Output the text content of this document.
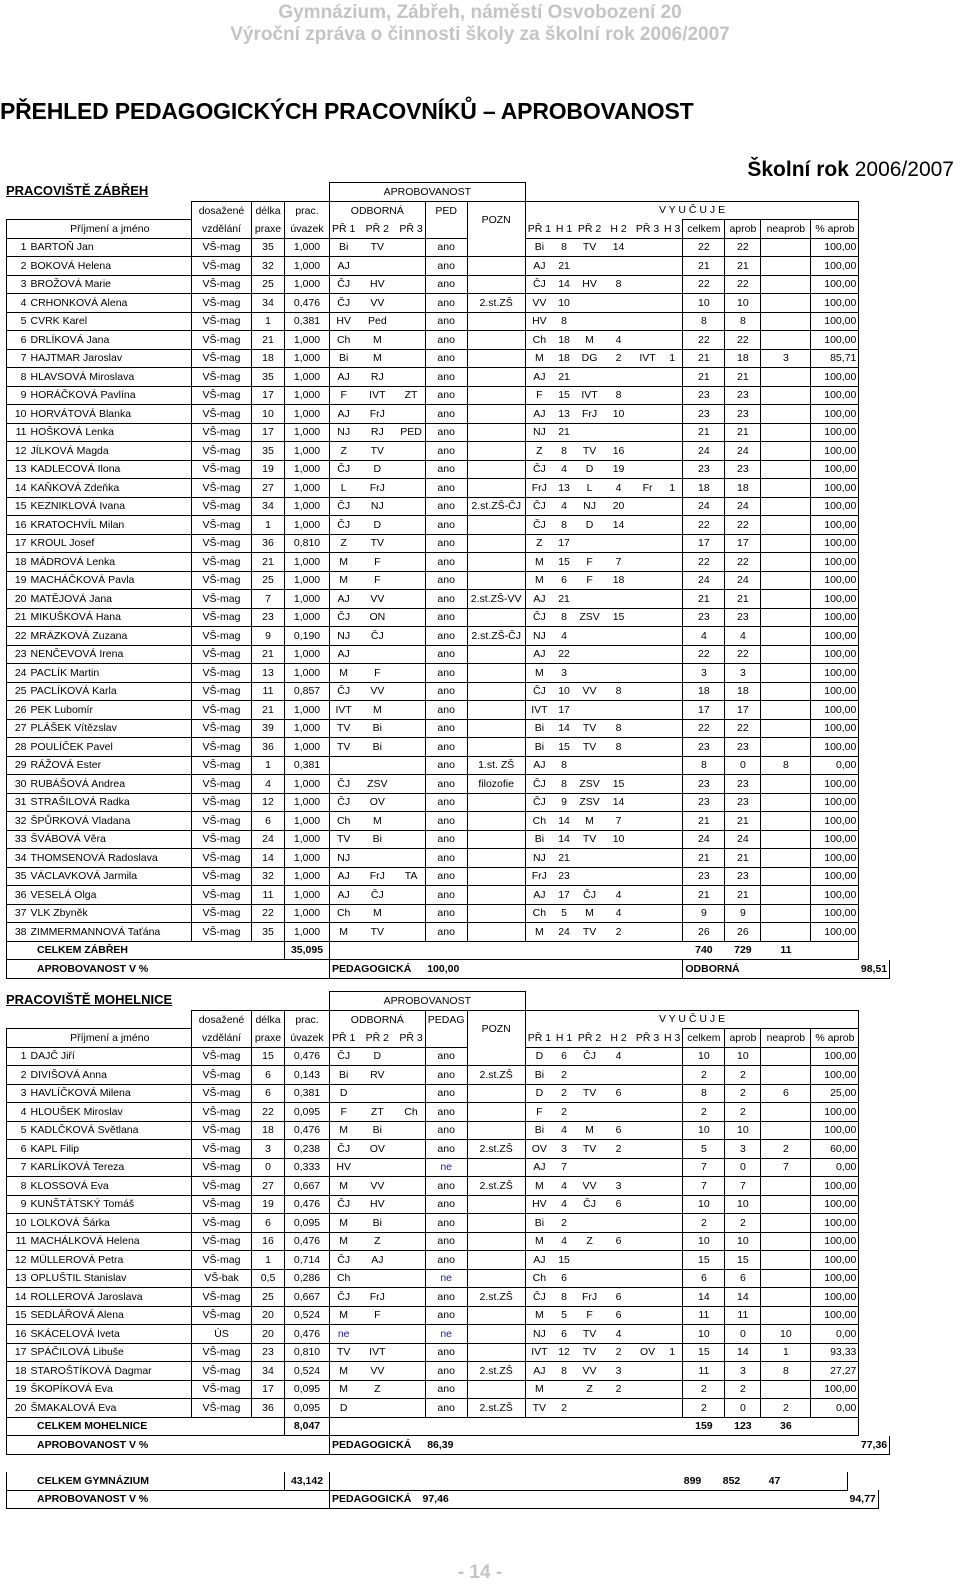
Gymnázium, Zábřeh, náměstí Osvobození 20
Výroční zpráva o činnosti školy za školní rok 2006/2007
PŘEHLED PEDAGOGICKÝCH PRACOVNÍKŮ – APROBOVANOST
Školní rok 2006/2007
PRACOVIŠTĚ ZÁBŘEH
					APROBOVANOST															
		dosažené	délka	prac.	ODBORNÁ			PED	POZN	V Y U Č U J E										
	Příjmení a jméno	vzdělání	praxe	úvazek	PŘ 1	PŘ 2	PŘ 3			PŘ 1	H 1	PŘ 2	H 2	PŘ 3	H 3	celkem	aprob	neaprob	% aprob	
1	BARTOŇ Jan	VŠ-mag	35	1,000	Bi	TV		ano		Bi	8	TV	14			22	22		100,00	
2	BOKOVÁ Helena	VŠ-mag	32	1,000	AJ			ano		AJ	21					21	21		100,00	
3	BROŽOVÁ Marie	VŠ-mag	25	1,000	ČJ	HV		ano		ČJ	14	HV	8			22	22		100,00	
4	CRHONKOVÁ Alena	VŠ-mag	34	0,476	ČJ	VV		ano	2.st.ZŠ	VV	10					10	10		100,00	
5	CVRK Karel	VŠ-mag	1	0,381	HV	Ped		ano		HV	8					8	8		100,00	
6	DRLÍKOVÁ Jana	VŠ-mag	21	1,000	Ch	M		ano		Ch	18	M	4			22	22		100,00	
7	HAJTMAR Jaroslav	VŠ-mag	18	1,000	Bi	M		ano		M	18	DG	2	IVT	1	21	18	3	85,71	
8	HLAVSOVÁ Miroslava	VŠ-mag	35	1,000	AJ	RJ		ano		AJ	21					21	21		100,00	
9	HORÁČKOVÁ Pavlína	VŠ-mag	17	1,000	F	IVT	ZT	ano		F	15	IVT	8			23	23		100,00	
10	HORVÁTOVÁ Blanka	VŠ-mag	10	1,000	AJ	FrJ		ano		AJ	13	FrJ	10			23	23		100,00	
11	HOŠKOVÁ Lenka	VŠ-mag	17	1,000	NJ	RJ	PED	ano		NJ	21					21	21		100,00	
12	JÍLKOVÁ Magda	VŠ-mag	35	1,000	Z	TV		ano		Z	8	TV	16			24	24		100,00	
13	KADLECOVÁ Ilona	VŠ-mag	19	1,000	ČJ	D		ano		ČJ	4	D	19			23	23		100,00	
14	KAŇKOVÁ Zdeňka	VŠ-mag	27	1,000	L	FrJ		ano		FrJ	13	L	4	Fr	1	18	18		100,00	
15	KEZNIKLOVÁ Ivana	VŠ-mag	34	1,000	ČJ	NJ		ano	2.st.ZŠ-ČJ	ČJ	4	NJ	20			24	24		100,00	
16	KRATOCHVÍL Milan	VŠ-mag	1	1,000	ČJ	D		ano		ČJ	8	D	14			22	22		100,00	
17	KROUL Josef	VŠ-mag	36	0,810	Z	TV		ano		Z	17					17	17		100,00	
18	MÁDROVÁ Lenka	VŠ-mag	21	1,000	M	F		ano		M	15	F	7			22	22		100,00	
19	MACHÁČKOVÁ Pavla	VŠ-mag	25	1,000	M	F		ano		M	6	F	18			24	24		100,00	
20	MATĚJOVÁ Jana	VŠ-mag	7	1,000	AJ	VV		ano	2.st.ZŠ-VV	AJ	21					21	21		100,00	
21	MIKUŠKOVÁ Hana	VŠ-mag	23	1,000	ČJ	ON		ano		ČJ	8	ZSV	15			23	23		100,00	
22	MRÁZKOVÁ Zuzana	VŠ-mag	9	0,190	NJ	ČJ		ano	2.st.ZŠ-ČJ	NJ	4					4	4		100,00	
23	NENČEVOVÁ Irena	VŠ-mag	21	1,000	AJ			ano		AJ	22					22	22		100,00	
24	PACLÍK Martin	VŠ-mag	13	1,000	M	F		ano		M	3					3	3		100,00	
25	PACLÍKOVÁ Karla	VŠ-mag	11	0,857	ČJ	VV		ano		ČJ	10	VV	8			18	18		100,00	
26	PEK Lubomír	VŠ-mag	21	1,000	IVT	M		ano		IVT	17					17	17		100,00	
27	PLÁŠEK Vítězslav	VŠ-mag	39	1,000	TV	Bi		ano		Bi	14	TV	8			22	22		100,00	
28	POULÍČEK Pavel	VŠ-mag	36	1,000	TV	Bi		ano		Bi	15	TV	8			23	23		100,00	
29	RÁŽOVÁ Ester	VŠ-mag	1	0,381				ano	1.st. ZŠ	AJ	8					8	0	8	0,00	
30	RUBÁŠOVÁ Andrea	VŠ-mag	4	1,000	ČJ	ZSV		ano	filozofie	ČJ	8	ZSV	15			23	23		100,00	
31	STRAŠILOVÁ Radka	VŠ-mag	12	1,000	ČJ	OV		ano		ČJ	9	ZSV	14			23	23		100,00	
32	ŠPŮRKOVÁ Vladana	VŠ-mag	6	1,000	Ch	M		ano		Ch	14	M	7			21	21		100,00	
33	ŠVÁBOVÁ Věra	VŠ-mag	24	1,000	TV	Bi		ano		Bi	14	TV	10			24	24		100,00	
34	THOMSENOVÁ Radoslava	VŠ-mag	14	1,000	NJ			ano		NJ	21					21	21		100,00	
35	VÁCLAVKOVÁ Jarmila	VŠ-mag	32	1,000	AJ	FrJ	TA	ano		FrJ	23					23	23		100,00	
36	VESELÁ Olga	VŠ-mag	11	1,000	AJ	ČJ		ano		AJ	17	ČJ	4			21	21		100,00	
37	VLK Zbyněk	VŠ-mag	22	1,000	Ch	M		ano		Ch	5	M	4			9	9		100,00	
38	ZIMMERMANNOVÁ Taťána	VŠ-mag	35	1,000	M	TV		ano		M	24	TV	2			26	26		100,00	
CELKEM ZÁBŘEH				35,095												740	729	11		
APROBOVANOST V %					PEDAGOGICKÁ			100,00								ODBORNÁ				98,51
PRACOVIŠTĚ MOHELNICE
					APROBOVANOST															
		dosažené	délka	prac.	ODBORNÁ			PEDAG	POZN	V Y U Č U J E										
	Příjmení a jméno	vzdělání	praxe	úvazek	PŘ 1	PŘ 2	PŘ 3			PŘ 1	H 1	PŘ 2	H 2	PŘ 3	H 3	celkem	aprob	neaprob	% aprob	
1	DAJČ Jiří	VŠ-mag	15	0,476	ČJ	D		ano		D	6	ČJ	4			10	10		100,00	
2	DIVIŠOVÁ Anna	VŠ-mag	6	0,143	Bi	RV		ano	2.st.ZŠ	Bi	2					2	2		100,00	
3	HAVLÍČKOVÁ Milena	VŠ-mag	6	0,381	D			ano		D	2	TV	6			8	2	6	25,00	
4	HLOUŠEK Miroslav	VŠ-mag	22	0,095	F	ZT	Ch	ano		F	2					2	2		100,00	
5	KADLČKOVÁ Světlana	VŠ-mag	18	0,476	M	Bi		ano		Bi	4	M	6			10	10		100,00	
6	KAPL Filip	VŠ-mag	3	0,238	ČJ	OV		ano	2.st.ZŠ	OV	3	TV	2			5	3	2	60,00	
7	KARLÍKOVÁ Tereza	VŠ-mag	0	0,333	HV			ne		AJ	7					7	0	7	0,00	
8	KLOSSOVÁ Eva	VŠ-mag	27	0,667	M	VV		ano	2.st.ZŠ	M	4	VV	3			7	7		100,00	
9	KUNŠTÁTSKÝ Tomáš	VŠ-mag	19	0,476	ČJ	HV		ano		HV	4	ČJ	6			10	10		100,00	
10	LOLKOVÁ Šárka	VŠ-mag	6	0,095	M	Bi		ano		Bi	2					2	2		100,00	
11	MACHÁLKOVÁ Helena	VŠ-mag	16	0,476	M	Z		ano		M	4	Z	6			10	10		100,00	
12	MÜLLEROVÁ Petra	VŠ-mag	1	0,714	ČJ	AJ		ano		AJ	15					15	15		100,00	
13	OPLUŠTIL Stanislav	VŠ-bak	0,5	0,286	Ch			ne		Ch	6					6	6		100,00	
14	ROLLEROVÁ Jaroslava	VŠ-mag	25	0,667	ČJ	FrJ		ano	2.st.ZŠ	ČJ	8	FrJ	6			14	14		100,00	
15	SEDLÁŘOVÁ Alena	VŠ-mag	20	0,524	M	F		ano		M	5	F	6			11	11		100,00	
16	SKÁCELOVÁ Iveta	ÚS	20	0,476	ne			ne		NJ	6	TV	4			10	0	10	0,00	
17	SPÁČILOVÁ Libuše	VŠ-mag	23	0,810	TV	IVT		ano		IVT	12	TV	2	OV	1	15	14	1	93,33	
18	STAROŠTÍKOVÁ Dagmar	VŠ-mag	34	0,524	M	VV		ano	2.st.ZŠ	AJ	8	VV	3			11	3	8	27,27	
19	ŠKOPÍKOVÁ Eva	VŠ-mag	17	0,095	M	Z		ano		M		Z	2			2	2		100,00	
20	ŠMAKALOVÁ Eva	VŠ-mag	36	0,095	D			ano	2.st.ZŠ	TV	2					2	0	2	0,00	
CELKEM MOHELNICE				8,047												159	123	36		
APROBOVANOST V %					PEDAGOGICKÁ			86,39												77,36
CELKEM GYMNÁZIUM		43,142				899	852	47		
APROBOVANOST V %			PEDAGOGICKÁ	97,46						94,77
- 14 -
